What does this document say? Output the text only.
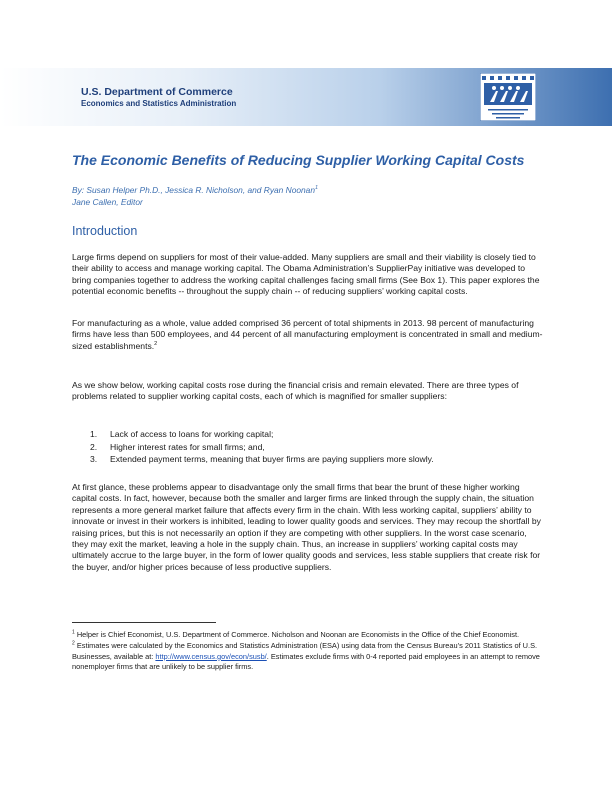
U.S. Department of Commerce
Economics and Statistics Administration
The Economic Benefits of Reducing Supplier Working Capital Costs
By: Susan Helper Ph.D., Jessica R. Nicholson, and Ryan Noonan$^1$
Jane Callen, Editor
Introduction

Large firms depend on suppliers for most of their value-added. Many suppliers are small and their viability is closely tied to their ability to access and manage working capital. The Obama Administration’s SupplierPay initiative was developed to bring companies together to address the working capital challenges facing small firms (See Box 1). This paper explores the potential economic benefits -- throughout the supply chain -- of reducing suppliers’ working capital costs.

For manufacturing as a whole, value added comprised 36 percent of total shipments in 2013. 98 percent of manufacturing firms have less than 500 employees, and 44 percent of all manufacturing employment is concentrated in small and medium-sized establishments.$^2$

As we show below, working capital costs rose during the financial crisis and remain elevated. There are three types of problems related to supplier working capital costs, each of which is magnified for smaller suppliers:

1.	Lack of access to loans for working capital;
2.	Higher interest rates for small firms; and,
3.	Extended payment terms, meaning that buyer firms are paying suppliers more slowly.

At first glance, these problems appear to disadvantage only the small firms that bear the brunt of these higher working capital costs. In fact, however, because both the smaller and larger firms are linked through the supply chain, the situation represents a more general market failure that affects every firm in the chain. With less working capital, suppliers’ ability to innovate or invest in their workers is inhibited, leading to lower quality goods and services. They may recoup the shortfall by raising prices, but this is not necessarily an option if they are competing with other suppliers. In the worst case scenario, they may exit the market, leaving a hole in the supply chain. Thus, an increase in suppliers’ working capital costs may ultimately accrue to the large buyer, in the form of lower quality goods and services, less stable suppliers that create risk for the buyer, and/or higher prices because of less productive suppliers.

$^1$ Helper is Chief Economist, U.S. Department of Commerce. Nicholson and Noonan are Economists in the Office of the Chief Economist.

$^2$ Estimates were calculated by the Economics and Statistics Administration (ESA) using data from the Census Bureau’s 2011 Statistics of U.S. Businesses, available at: http://www.census.gov/econ/susb/. Estimates exclude firms with 0-4 reported paid employees in an attempt to remove nonemployer firms that are unlikely to be supplier firms.
